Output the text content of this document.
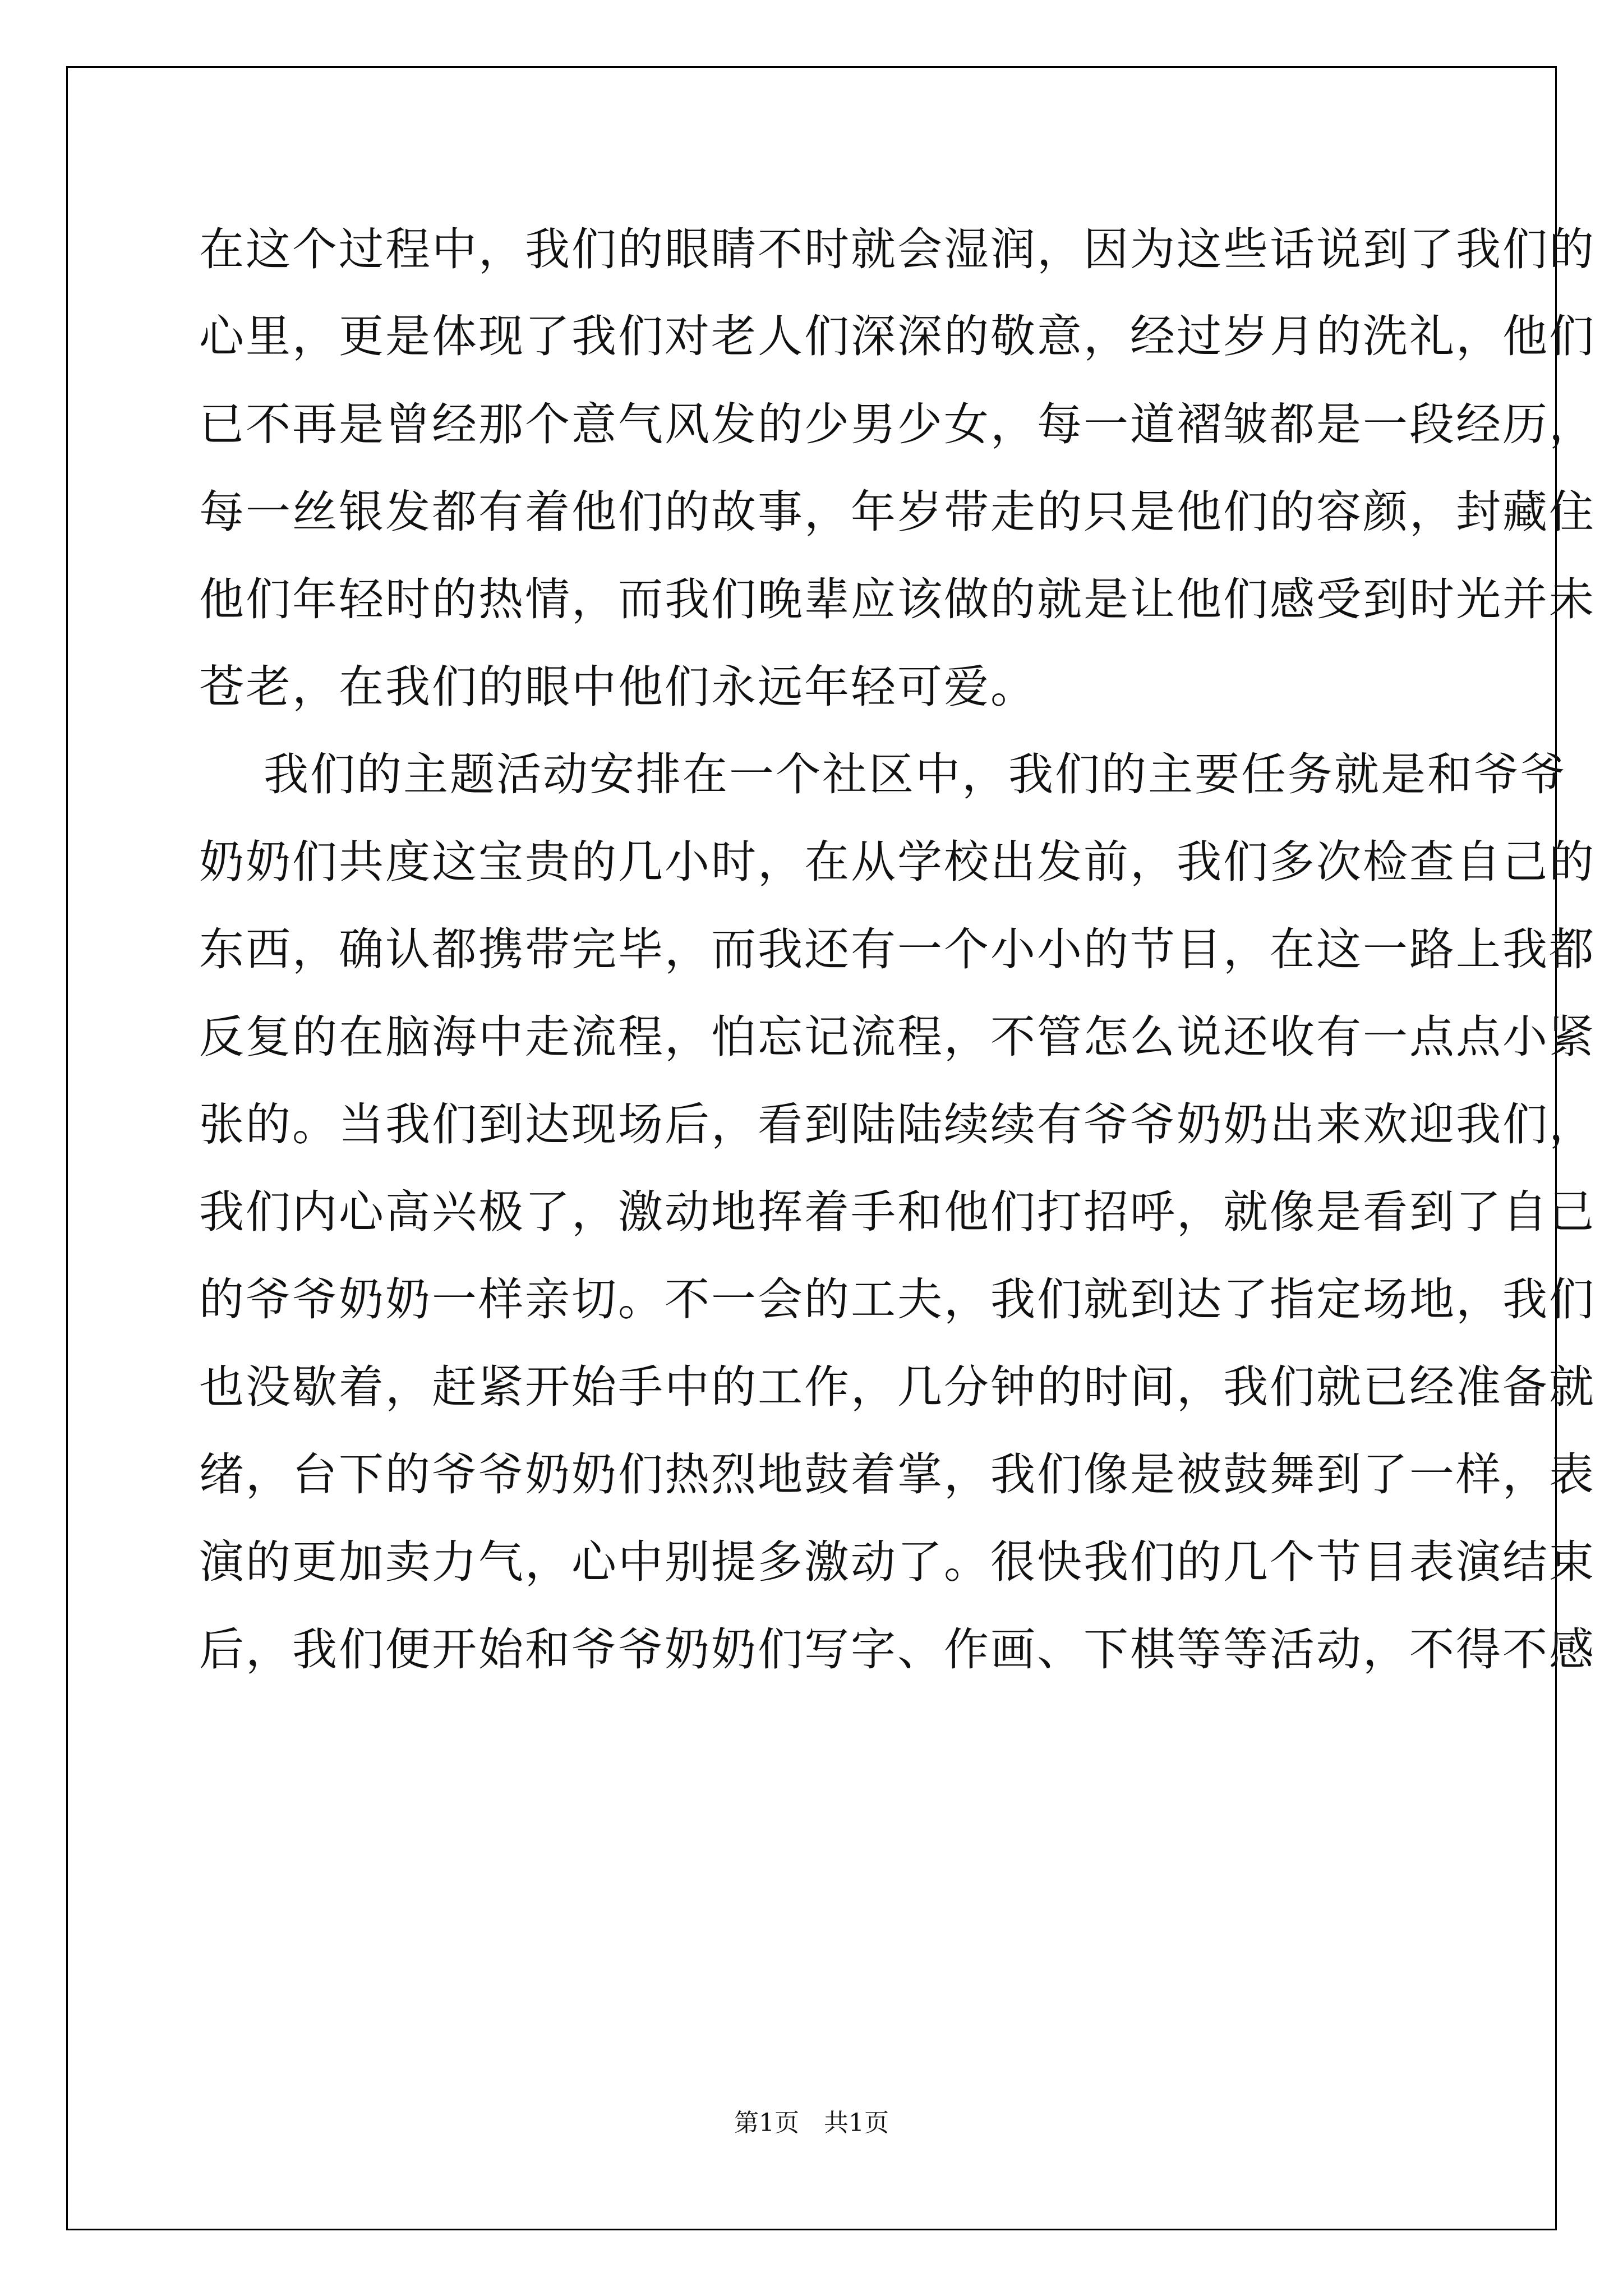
在这个过程中，我们的眼睛不时就会湿润，因为这些话说到了我们的
心里，更是体现了我们对老人们深深的敬意，经过岁月的洗礼，他们
已不再是曾经那个意气风发的少男少女，每一道褶皱都是一段经历，
每一丝银发都有着他们的故事，年岁带走的只是他们的容颜，封藏住
他们年轻时的热情，而我们晚辈应该做的就是让他们感受到时光并未
苍老，在我们的眼中他们永远年轻可爱。
我们的主题活动安排在一个社区中，我们的主要任务就是和爷爷
奶奶们共度这宝贵的几小时，在从学校出发前，我们多次检查自己的
东西，确认都携带完毕，而我还有一个小小的节目，在这一路上我都
反复的在脑海中走流程，怕忘记流程，不管怎么说还收有一点点小紧
张的。当我们到达现场后，看到陆陆续续有爷爷奶奶出来欢迎我们，
我们内心高兴极了，激动地挥着手和他们打招呼，就像是看到了自己
的爷爷奶奶一样亲切。不一会的工夫，我们就到达了指定场地，我们
也没歇着，赶紧开始手中的工作，几分钟的时间，我们就已经准备就
绪，台下的爷爷奶奶们热烈地鼓着掌，我们像是被鼓舞到了一样，表
演的更加卖力气，心中别提多激动了。很快我们的几个节目表演结束
后，我们便开始和爷爷奶奶们写字、作画、下棋等等活动，不得不感
第1页　共1页
